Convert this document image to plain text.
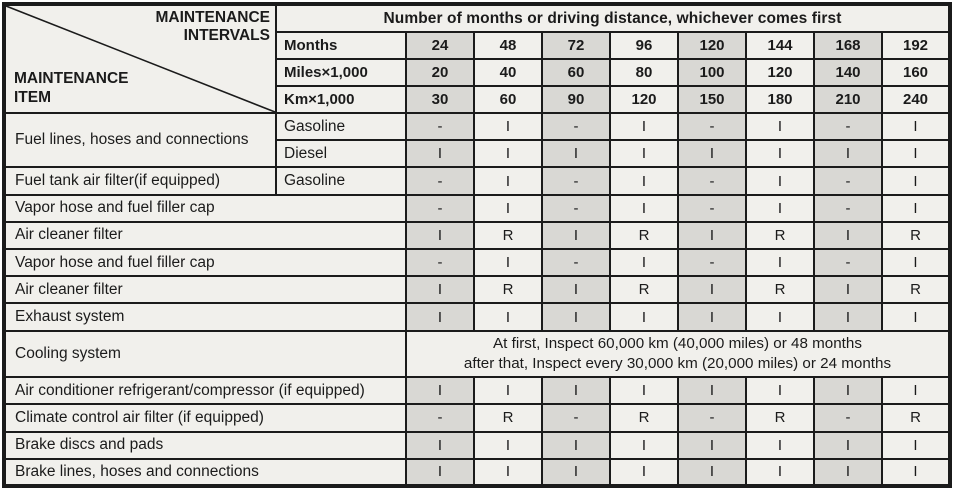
MAINTENANCE
INTERVALS
MAINTENANCE
ITEM	Number of months or driving distance, whichever comes first								
	Months	24	48	72	96	120	144	168	192
	Miles×1,000	20	40	60	80	100	120	140	160
	Km×1,000	30	60	90	120	150	180	210	240
Fuel lines, hoses and connections	Gasoline	-	I	-	I	-	I	-	I
	Diesel	I	I	I	I	I	I	I	I
Fuel tank air filter(if equipped)	Gasoline	-	I	-	I	-	I	-	I
Vapor hose and fuel filler cap		-	I	-	I	-	I	-	I
Air cleaner filter		I	R	I	R	I	R	I	R
Vapor hose and fuel filler cap		-	I	-	I	-	I	-	I
Air cleaner filter		I	R	I	R	I	R	I	R
Exhaust system		I	I	I	I	I	I	I	I
Cooling system		At first, Inspect 60,000 km (40,000 miles) or 48 months
after that, Inspect every 30,000 km (20,000 miles) or 24 months							

Air conditioner refrigerant/compressor (if equipped)		I	I	I	I	I	I	I	I
Climate control air filter (if equipped)		-	R	-	R	-	R	-	R
Brake discs and pads		I	I	I	I	I	I	I	I
Brake lines, hoses and connections		I	I	I	I	I	I	I	I
